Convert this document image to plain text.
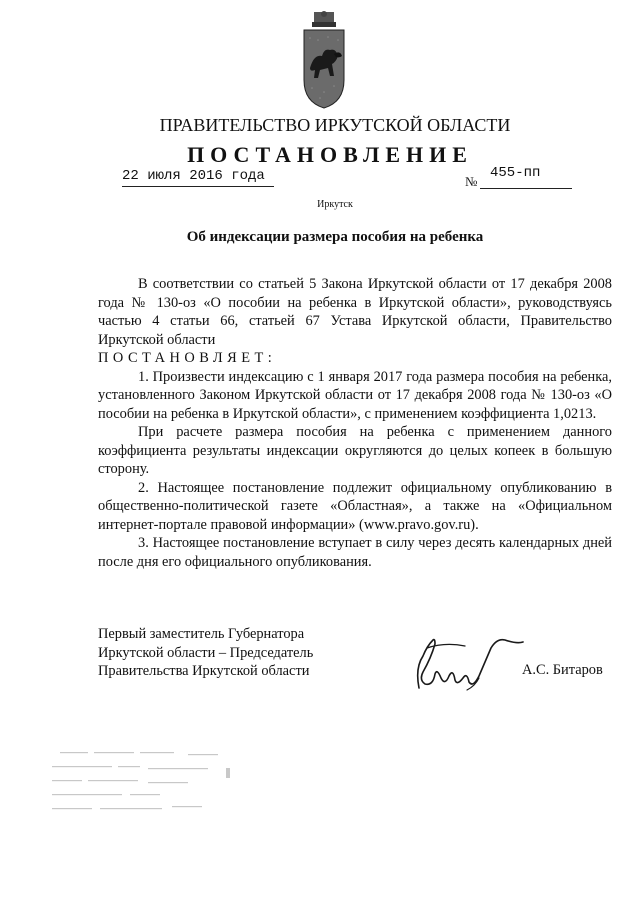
ПРАВИТЕЛЬСТВО ИРКУТСКОЙ ОБЛАСТИ
ПОСТАНОВЛЕНИЕ
22 июля 2016 года	№
455-пп
Иркутск
Об индексации размера пособия на ребенка

В соответствии со статьей 5 Закона Иркутской области от 17 декабря 2008 года № 130-оз «О пособии на ребенка в Иркутской области», руководствуясь частью 4 статьи 66, статьей 67 Устава Иркутской области, Правительство Иркутской области

ПОСТАНОВЛЯЕТ:

1. Произвести индексацию с 1 января 2017 года размера пособия на ребенка, установленного Законом Иркутской области от 17 декабря 2008 года № 130-оз «О пособии на ребенка в Иркутской области», с применением коэффициента 1,0213.

При расчете размера пособия на ребенка с применением данного коэффициента результаты индексации округляются до целых копеек в большую сторону.

2. Настоящее постановление подлежит официальному опубликованию в общественно-политической газете «Областная», а также на «Официальном интернет-портале правовой информации» (www.pravo.gov.ru).

3. Настоящее постановление вступает в силу через десять календарных дней после дня его официального опубликования.

Первый заместитель Губернатора
Иркутской области – Председатель
Правительства Иркутской области	А.С. Битаров
